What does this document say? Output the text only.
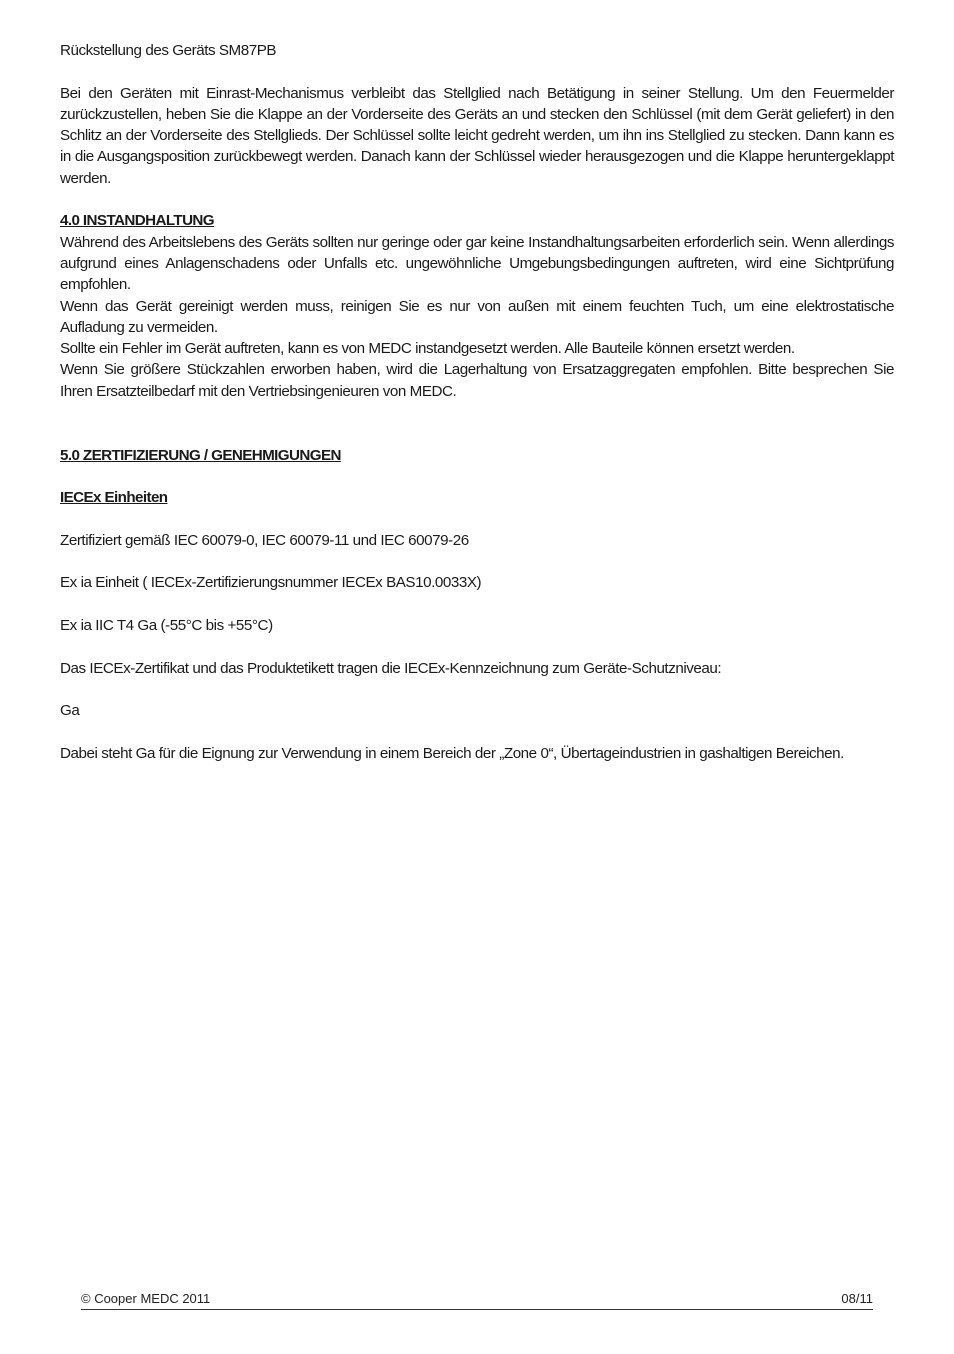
Rückstellung des Geräts SM87PB

Bei den Geräten mit Einrast-Mechanismus verbleibt das Stellglied nach Betätigung in seiner Stellung. Um den Feuermelder zurückzustellen, heben Sie die Klappe an der Vorderseite des Geräts an und stecken den Schlüssel (mit dem Gerät geliefert) in den Schlitz an der Vorderseite des Stellglieds. Der Schlüssel sollte leicht gedreht werden, um ihn ins Stellglied zu stecken. Dann kann es in die Ausgangsposition zurückbewegt werden. Danach kann der Schlüssel wieder herausgezogen und die Klappe heruntergeklappt werden.

4.0 INSTANDHALTUNG

Während des Arbeitslebens des Geräts sollten nur geringe oder gar keine Instandhaltungsarbeiten erforderlich sein. Wenn allerdings aufgrund eines Anlagenschadens oder Unfalls etc. ungewöhnliche Umgebungsbedingungen auftreten, wird eine Sichtprüfung empfohlen.

Wenn das Gerät gereinigt werden muss, reinigen Sie es nur von außen mit einem feuchten Tuch, um eine elektrostatische Aufladung zu vermeiden.

Sollte ein Fehler im Gerät auftreten, kann es von MEDC instandgesetzt werden. Alle Bauteile können ersetzt werden.

Wenn Sie größere Stückzahlen erworben haben, wird die Lagerhaltung von Ersatzaggregaten empfohlen. Bitte besprechen Sie Ihren Ersatzteilbedarf mit den Vertriebsingenieuren von MEDC.

5.0 ZERTIFIZIERUNG / GENEHMIGUNGEN

IECEx Einheiten

Zertifiziert gemäß IEC 60079-0, IEC 60079-11 und IEC 60079-26

Ex ia Einheit ( IECEx-Zertifizierungsnummer IECEx BAS10.0033X)

Ex ia IIC T4 Ga (-55°C bis +55°C)

Das IECEx-Zertifikat und das Produktetikett tragen die IECEx-Kennzeichnung zum Geräte-Schutzniveau:

Ga

Dabei steht Ga für die Eignung zur Verwendung in einem Bereich der „Zone 0“, Übertageindustrien in gashaltigen Bereichen.

© Cooper MEDC 2011	08/11
